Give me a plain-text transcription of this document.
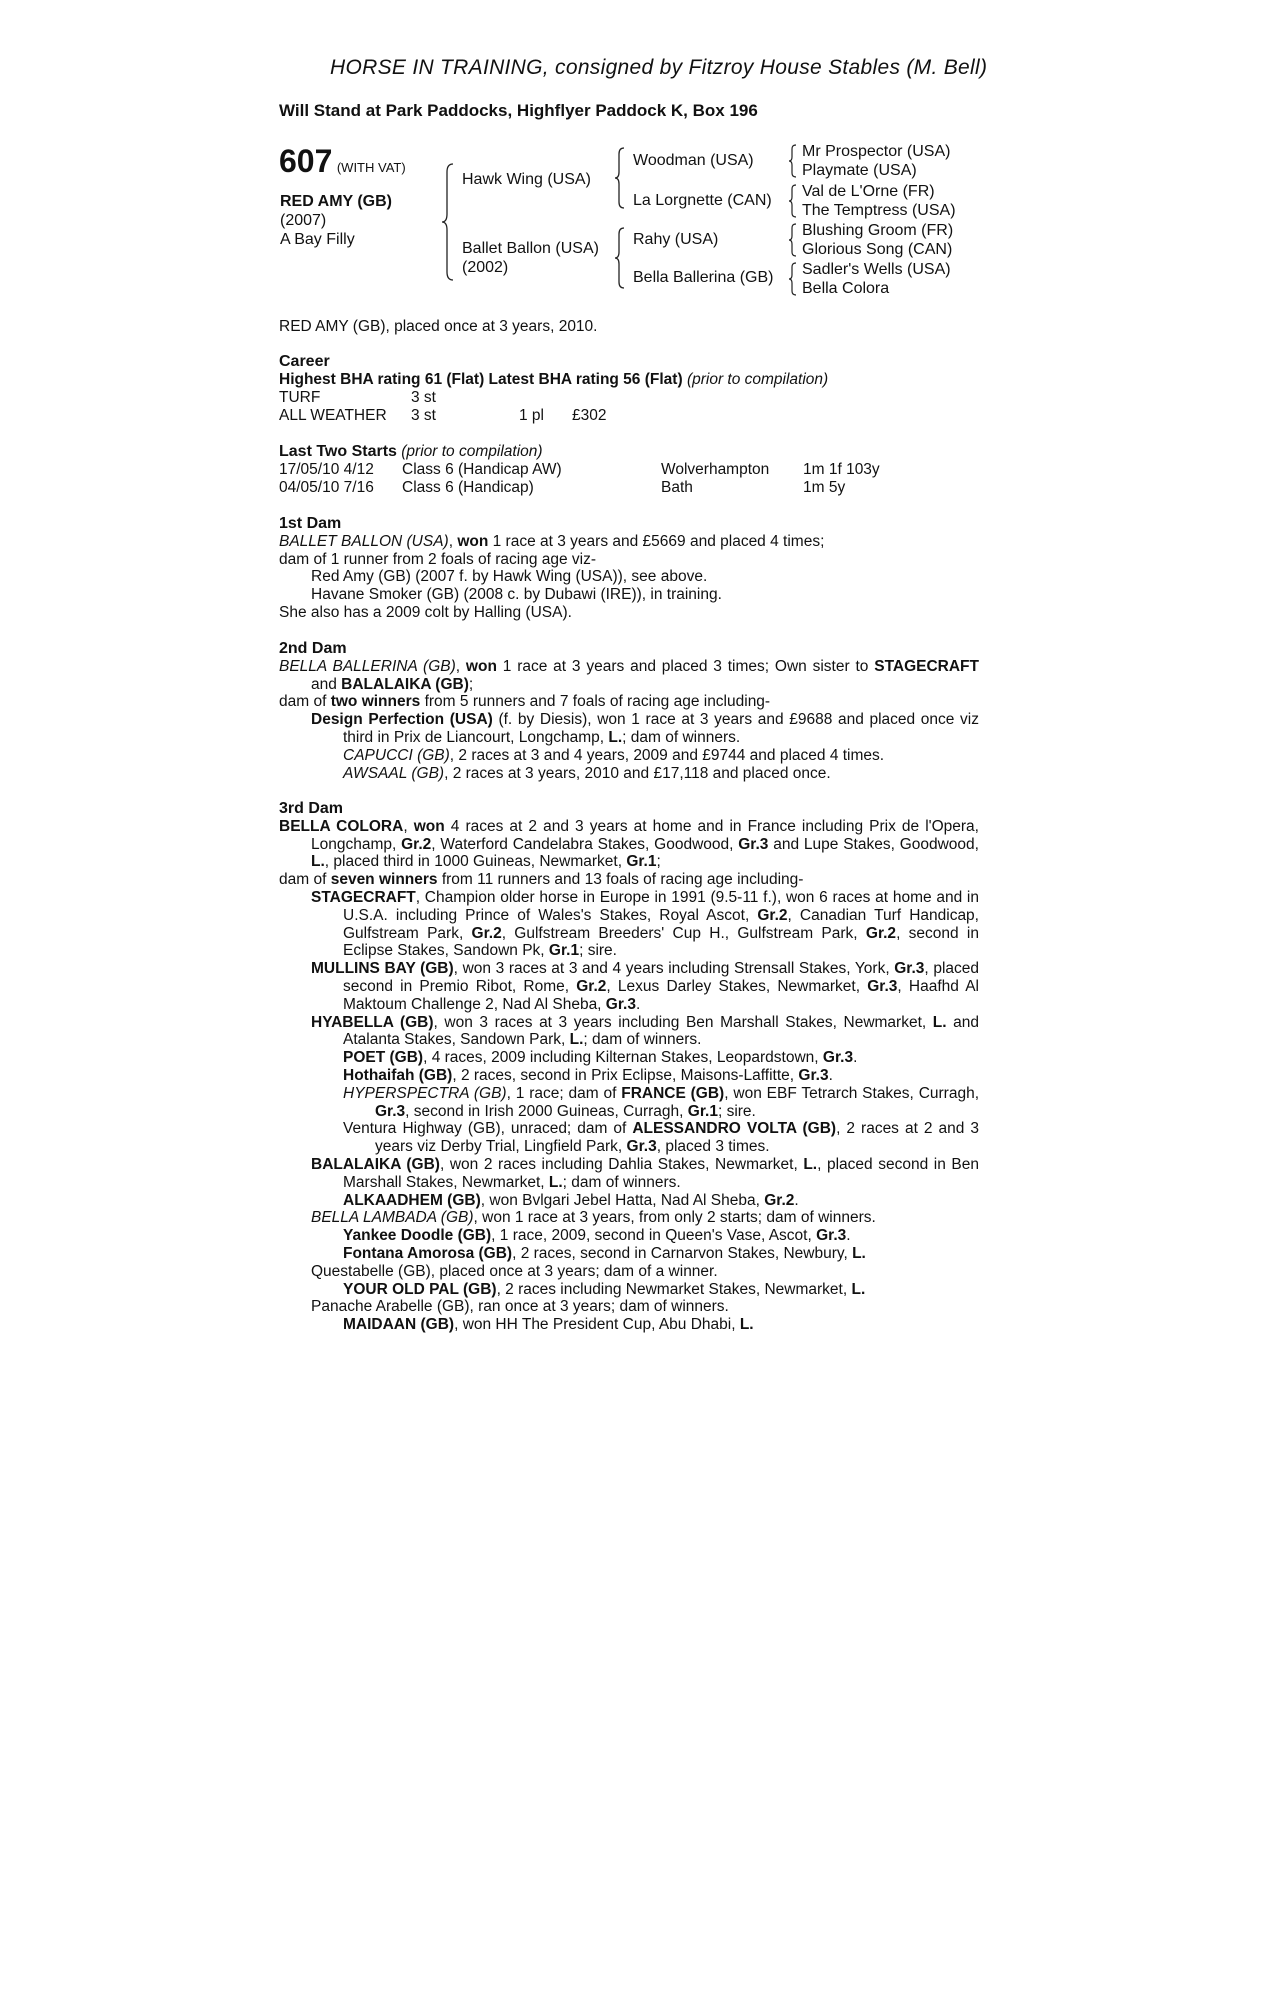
HORSE IN TRAINING, consigned by Fitzroy House Stables (M. Bell)
Will Stand at Park Paddocks, Highflyer Paddock K, Box 196
607 (WITH VAT)
RED AMY (GB)
(2007)
A Bay Filly
Hawk Wing (USA)
Ballet Ballon (USA)
(2002)
Woodman (USA)
La Lorgnette (CAN)
Rahy (USA)
Bella Ballerina (GB)
Mr Prospector (USA)
Playmate (USA)
Val de L'Orne (FR)
The Temptress (USA)
Blushing Groom (FR)
Glorious Song (CAN)
Sadler's Wells (USA)
Bella Colora
RED AMY (GB), placed once at 3 years, 2010.
Career
Highest BHA rating 61 (Flat) Latest BHA rating 56 (Flat) (prior to compilation)
TURF	3 st
ALL WEATHER 3 st	1 pl £302
Last Two Starts (prior to compilation)
17/05/10 4/12 Class 6 (Handicap AW)	Wolverhampton 1m 1f 103y
04/05/10 7/16 Class 6 (Handicap)	Bath	1m 5y
1st Dam
BALLET BALLON (USA), won 1 race at 3 years and £5669 and placed 4 times;
dam of 1 runner from 2 foals of racing age viz-
Red Amy (GB) (2007 f. by Hawk Wing (USA)), see above.
Havane Smoker (GB) (2008 c. by Dubawi (IRE)), in training.
She also has a 2009 colt by Halling (USA).
2nd Dam
BELLA BALLERINA (GB), won 1 race at 3 years and placed 3 times; Own sister to STAGECRAFT and BALALAIKA (GB);
dam of two winners from 5 runners and 7 foals of racing age including-
Design Perfection (USA) (f. by Diesis), won 1 race at 3 years and £9688 and placed once viz third in Prix de Liancourt, Longchamp, L.; dam of winners.
CAPUCCI (GB), 2 races at 3 and 4 years, 2009 and £9744 and placed 4 times.
AWSAAL (GB), 2 races at 3 years, 2010 and £17,118 and placed once.
3rd Dam
BELLA COLORA, won 4 races at 2 and 3 years at home and in France including Prix de l'Opera, Longchamp, Gr.2, Waterford Candelabra Stakes, Goodwood, Gr.3 and Lupe Stakes, Goodwood, L., placed third in 1000 Guineas, Newmarket, Gr.1;
dam of seven winners from 11 runners and 13 foals of racing age including-
STAGECRAFT, Champion older horse in Europe in 1991 (9.5-11 f.), won 6 races at home and in U.S.A. including Prince of Wales's Stakes, Royal Ascot, Gr.2, Canadian Turf Handicap, Gulfstream Park, Gr.2, Gulfstream Breeders' Cup H., Gulfstream Park, Gr.2, second in Eclipse Stakes, Sandown Pk, Gr.1; sire.
MULLINS BAY (GB), won 3 races at 3 and 4 years including Strensall Stakes, York, Gr.3, placed second in Premio Ribot, Rome, Gr.2, Lexus Darley Stakes, Newmarket, Gr.3, Haafhd Al Maktoum Challenge 2, Nad Al Sheba, Gr.3.
HYABELLA (GB), won 3 races at 3 years including Ben Marshall Stakes, Newmarket, L. and Atalanta Stakes, Sandown Park, L.; dam of winners.
POET (GB), 4 races, 2009 including Kilternan Stakes, Leopardstown, Gr.3.
Hothaifah (GB), 2 races, second in Prix Eclipse, Maisons-Laffitte, Gr.3.
HYPERSPECTRA (GB), 1 race; dam of FRANCE (GB), won EBF Tetrarch Stakes, Curragh, Gr.3, second in Irish 2000 Guineas, Curragh, Gr.1; sire.
Ventura Highway (GB), unraced; dam of ALESSANDRO VOLTA (GB), 2 races at 2 and 3 years viz Derby Trial, Lingfield Park, Gr.3, placed 3 times.
BALALAIKA (GB), won 2 races including Dahlia Stakes, Newmarket, L., placed second in Ben Marshall Stakes, Newmarket, L.; dam of winners.
ALKAADHEM (GB), won Bvlgari Jebel Hatta, Nad Al Sheba, Gr.2.
BELLA LAMBADA (GB), won 1 race at 3 years, from only 2 starts; dam of winners.
Yankee Doodle (GB), 1 race, 2009, second in Queen's Vase, Ascot, Gr.3.
Fontana Amorosa (GB), 2 races, second in Carnarvon Stakes, Newbury, L.
Questabelle (GB), placed once at 3 years; dam of a winner.
YOUR OLD PAL (GB), 2 races including Newmarket Stakes, Newmarket, L.
Panache Arabelle (GB), ran once at 3 years; dam of winners.
MAIDAAN (GB), won HH The President Cup, Abu Dhabi, L.
